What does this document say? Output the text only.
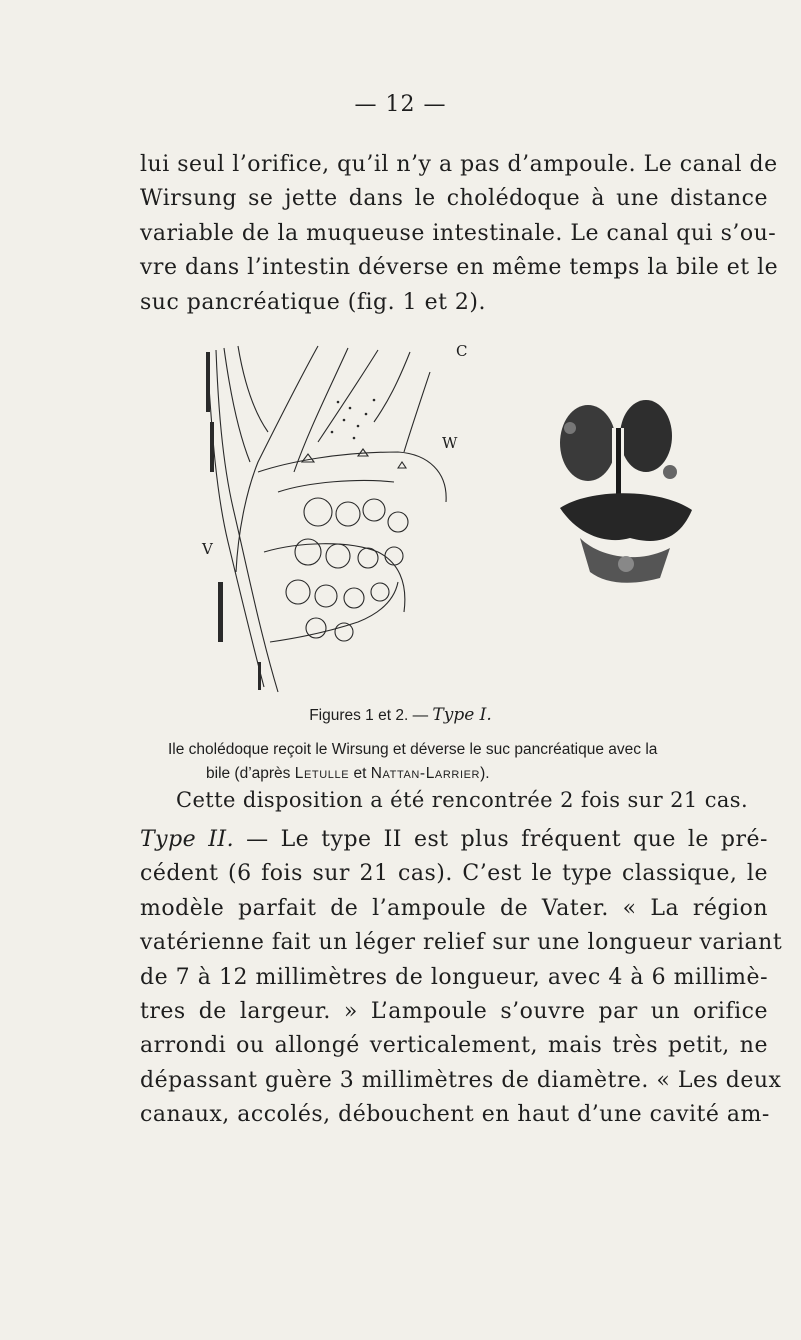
— 12 —

lui seul l’orifice, qu’il n’y a pas d’ampoule. Le canal de
Wirsung se jette dans le cholédoque à une distance
variable de la muqueuse intestinale. Le canal qui s’ou-
vre dans l’intestin déverse en même temps la bile et le
suc pancréatique (fig. 1 et 2).

C
W
V
Figures 1 et 2. — Type I.
Ile cholédoque reçoit le Wirsung et déverse le suc pancréatique avec la
bile (d’après Letulle et Nattan-Larrier).
Cette disposition a été rencontrée 2 fois sur 21 cas.

Type II. — Le type II est plus fréquent que le pré-
cédent (6 fois sur 21 cas). C’est le type classique, le
modèle parfait de l’ampoule de Vater. « La région
vatérienne fait un léger relief sur une longueur variant
de 7 à 12 millimètres de longueur, avec 4 à 6 millimè-
tres de largeur. » L’ampoule s’ouvre par un orifice
arrondi ou allongé verticalement, mais très petit, ne
dépassant guère 3 millimètres de diamètre. « Les deux
canaux, accolés, débouchent en haut d’une cavité am-
